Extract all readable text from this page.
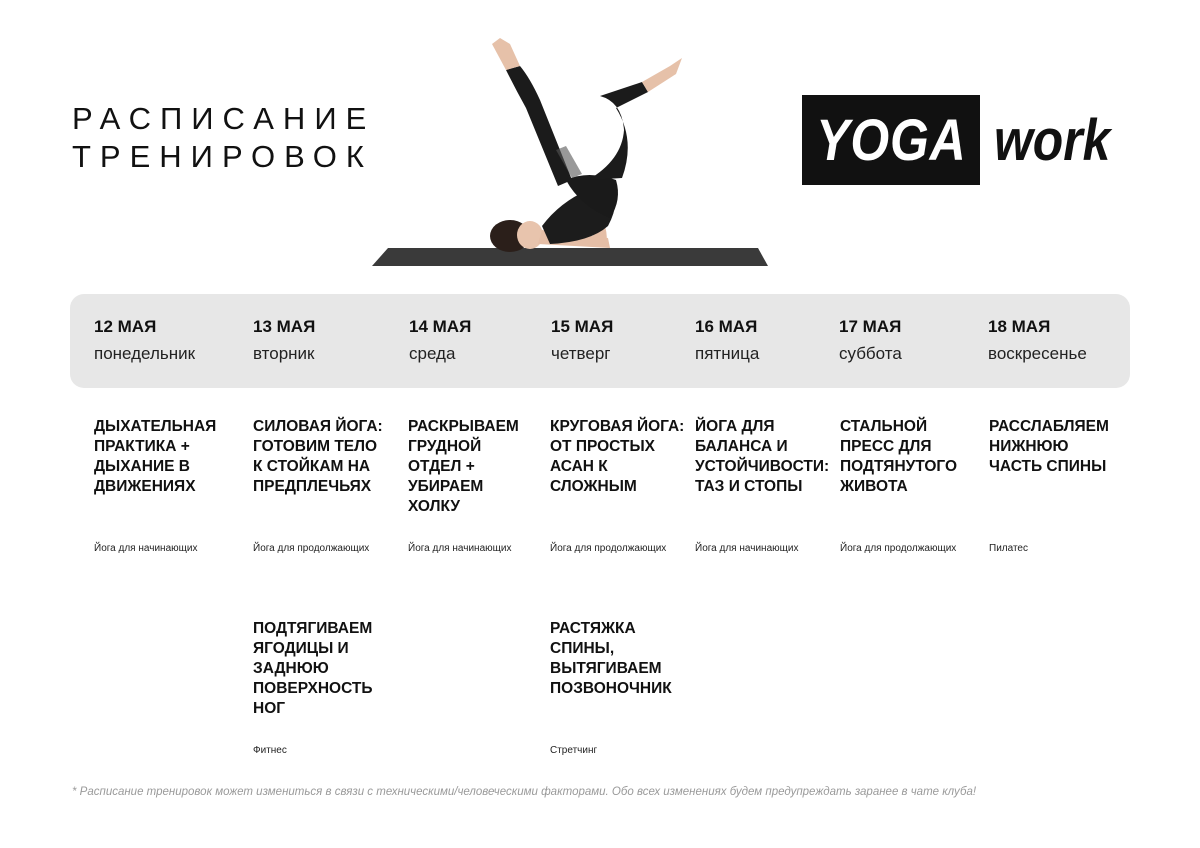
РАСПИСАНИЕ
ТРЕНИРОВОК	YOGA work
12 МАЯ
понедельник
13 МАЯ
вторник
14 МАЯ
среда
15 МАЯ
четверг
16 МАЯ
пятница
17 МАЯ
суббота
18 МАЯ
воскресенье
ДЫХАТЕЛЬНАЯ
ПРАКТИКА +
ДЫХАНИЕ В
ДВИЖЕНИЯХ
Йога для начинающих
СИЛОВАЯ ЙОГА:
ГОТОВИМ ТЕЛО
К СТОЙКАМ НА
ПРЕДПЛЕЧЬЯХ
Йога для продолжающих
РАСКРЫВАЕМ
ГРУДНОЙ
ОТДЕЛ +
УБИРАЕМ
ХОЛКУ
Йога для начинающих
КРУГОВАЯ ЙОГА:
ОТ ПРОСТЫХ
АСАН К
СЛОЖНЫМ
Йога для продолжающих
ЙОГА ДЛЯ
БАЛАНСА И
УСТОЙЧИВОСТИ:
ТАЗ И СТОПЫ
Йога для начинающих
СТАЛЬНОЙ
ПРЕСС ДЛЯ
ПОДТЯНУТОГО
ЖИВОТА
Йога для продолжающих
РАССЛАБЛЯЕМ
НИЖНЮЮ
ЧАСТЬ СПИНЫ
Пилатес
ПОДТЯГИВАЕМ
ЯГОДИЦЫ И
ЗАДНЮЮ
ПОВЕРХНОСТЬ
НОГ
Фитнес
РАСТЯЖКА
СПИНЫ,
ВЫТЯГИВАЕМ
ПОЗВОНОЧНИК
Стретчинг
* Расписание тренировок может измениться в связи с техническими/человеческими факторами. Обо всех изменениях будем предупреждать заранее в чате клуба!
